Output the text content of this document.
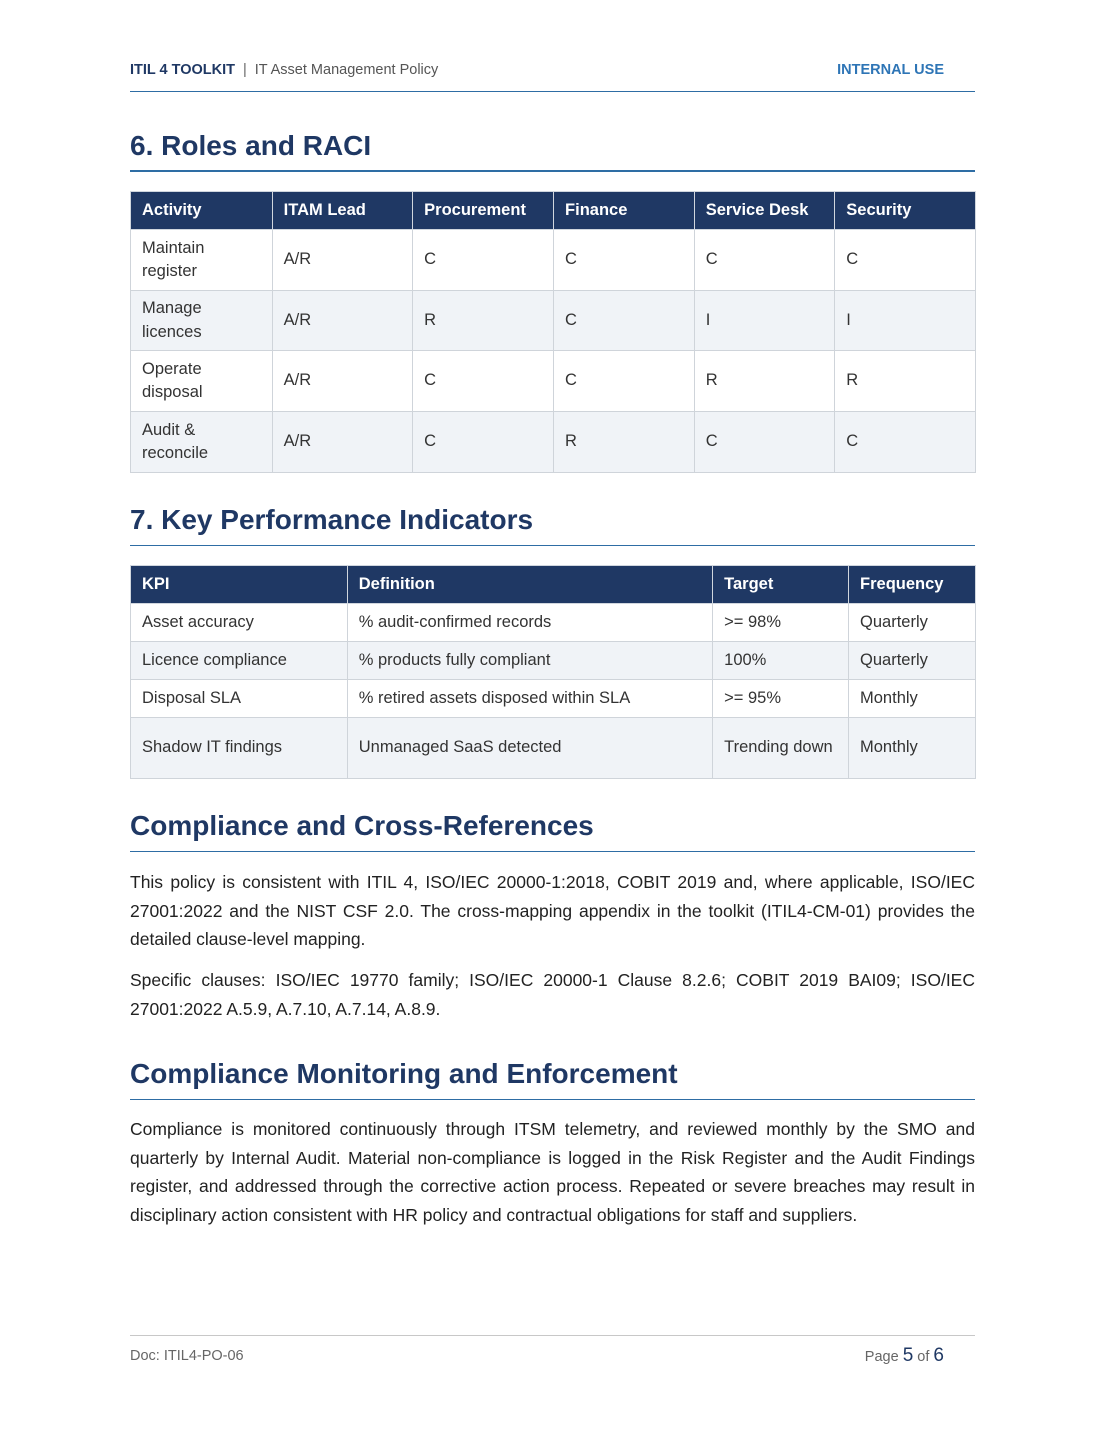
ITIL 4 TOOLKIT | IT Asset Management Policy	INTERNAL USE
6. Roles and RACI
Activity	ITAM Lead	Procurement	Finance	Service Desk	Security
Maintain register	A/R	C	C	C	C
Manage licences	A/R	R	C	I	I
Operate disposal	A/R	C	C	R	R
Audit & reconcile	A/R	C	R	C	C
7. Key Performance Indicators
KPI	Definition	Target	Frequency
Asset accuracy	% audit-confirmed records	>= 98%	Quarterly
Licence compliance	% products fully compliant	100%	Quarterly
Disposal SLA	% retired assets disposed within SLA	>= 95%	Monthly
Shadow IT findings	Unmanaged SaaS detected	Trending down	Monthly
Compliance and Cross-References

This policy is consistent with ITIL 4, ISO/IEC 20000-1:2018, COBIT 2019 and, where applicable, ISO/IEC 27001:2022 and the NIST CSF 2.0. The cross-mapping appendix in the toolkit (ITIL4-CM-01) provides the detailed clause-level mapping.

Specific clauses: ISO/IEC 19770 family; ISO/IEC 20000-1 Clause 8.2.6; COBIT 2019 BAI09; ISO/IEC 27001:2022 A.5.9, A.7.10, A.7.14, A.8.9.

Compliance Monitoring and Enforcement

Compliance is monitored continuously through ITSM telemetry, and reviewed monthly by the SMO and quarterly by Internal Audit. Material non-compliance is logged in the Risk Register and the Audit Findings register, and addressed through the corrective action process. Repeated or severe breaches may result in disciplinary action consistent with HR policy and contractual obligations for staff and suppliers.

Doc: ITIL4-PO-06	Page 5 of 6
